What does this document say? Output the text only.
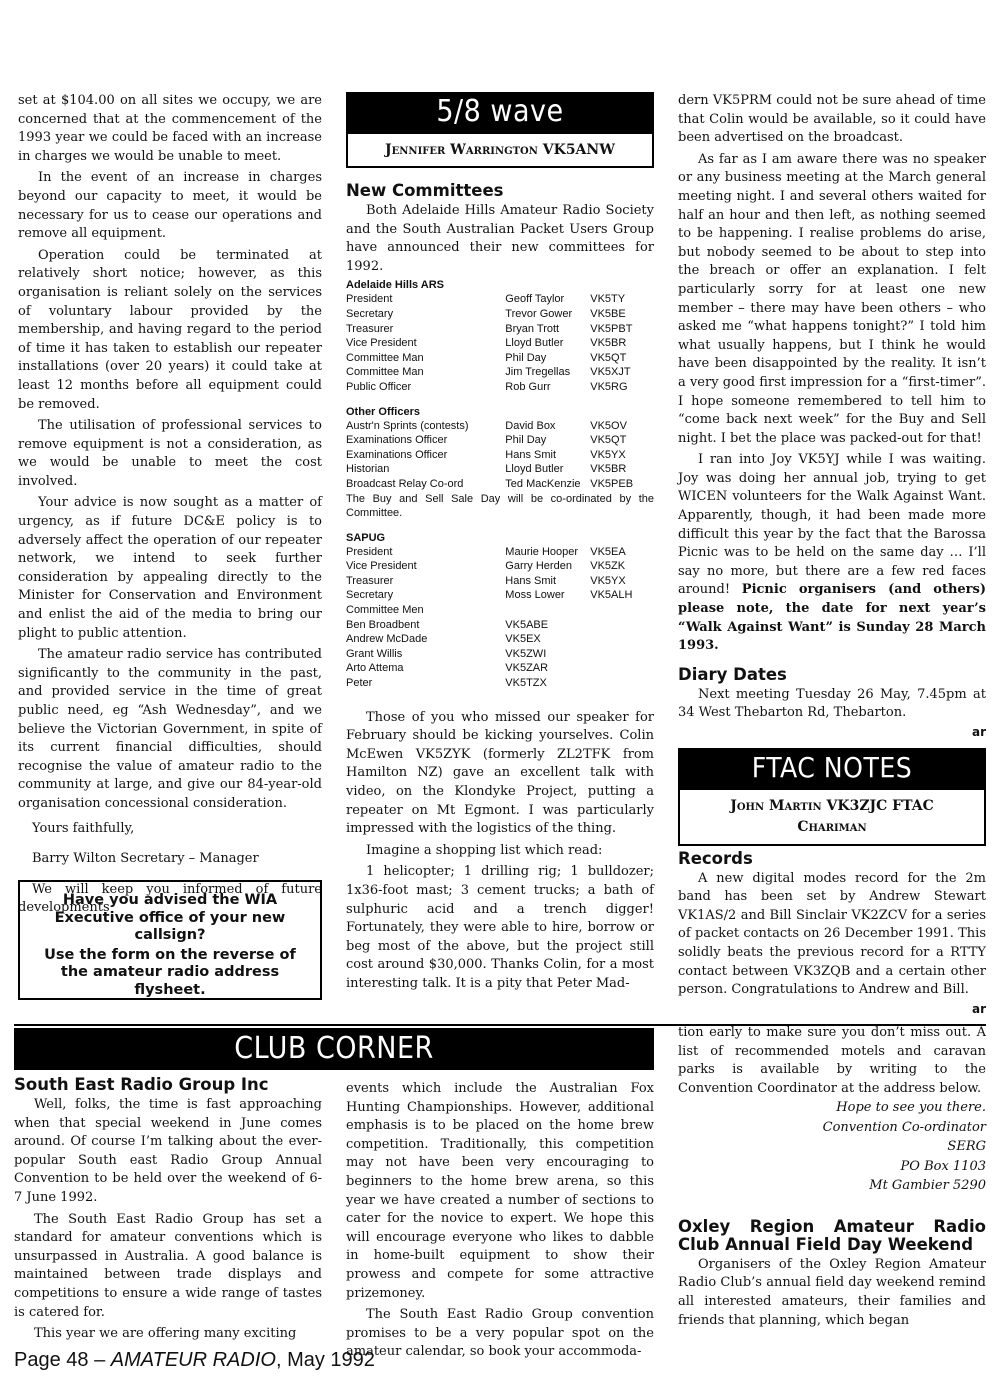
set at $104.00 on all sites we occupy, we are concerned that at the commencement of the 1993 year we could be faced with an increase in charges we would be unable to meet.

In the event of an increase in charges beyond our capacity to meet, it would be necessary for us to cease our operations and remove all equipment.

Operation could be terminated at relatively short notice; however, as this organisation is reliant solely on the services of voluntary labour provided by the membership, and having regard to the period of time it has taken to establish our repeater installations (over 20 years) it could take at least 12 months before all equipment could be removed.

The utilisation of professional services to remove equipment is not a consideration, as we would be unable to meet the cost involved.

Your advice is now sought as a matter of urgency, as if future DC&E policy is to adversely affect the operation of our repeater network, we intend to seek further consideration by appealing directly to the Minister for Conservation and Environment and enlist the aid of the media to bring our plight to public attention.

The amateur radio service has contributed significantly to the community in the past, and provided service in the time of great public need, eg “Ash Wednesday”, and we believe the Victorian Government, in spite of its current financial difficulties, should recognise the value of amateur radio to the community at large, and give our 84-year-old organisation concessional consideration.

Yours faithfully,

Barry Wilton Secretary – Manager

We will keep you informed of future developments

Have you advised the WIA Executive office of your new callsign?
Use the form on the reverse of the amateur radio address flysheet.
5/8 wave
Jennifer Warrington VK5ANW
New Committees

Both Adelaide Hills Amateur Radio Society and the South Australian Packet Users Group have announced their new committees for 1992.

Adelaide Hills ARS
President	Geoff Taylor	VK5TY
Secretary	Trevor Gower	VK5BE
Treasurer	Bryan Trott	VK5PBT
Vice President	Lloyd Butler	VK5BR
Committee Man	Phil Day	VK5QT
Committee Man	Jim Tregellas	VK5XJT
Public Officer	Rob Gurr	VK5RG
Other Officers
Austr'n Sprints (contests)	David Box	VK5OV
Examinations Officer	Phil Day	VK5QT
Examinations Officer	Hans Smit	VK5YX
Historian	Lloyd Butler	VK5BR
Broadcast Relay Co-ord	Ted MacKenzie	VK5PEB
The Buy and Sell Sale Day will be co-ordinated by the Committee.
SAPUG
President	Maurie Hooper	VK5EA
Vice President	Garry Herden	VK5ZK
Treasurer	Hans Smit	VK5YX
Secretary	Moss Lower	VK5ALH
Committee Men		
Ben Broadbent	VK5ABE	
Andrew McDade	VK5EX	
Grant Willis	VK5ZWI	
Arto Attema	VK5ZAR	
Peter	VK5TZX	

Those of you who missed our speaker for February should be kicking yourselves. Colin McEwen VK5ZYK (formerly ZL2TFK from Hamilton NZ) gave an excellent talk with video, on the Klondyke Project, putting a repeater on Mt Egmont. I was particularly impressed with the logistics of the thing.

Imagine a shopping list which read:

1 helicopter; 1 drilling rig; 1 bulldozer; 1x36-foot mast; 3 cement trucks; a bath of sulphuric acid and a trench digger! Fortunately, they were able to hire, borrow or beg most of the above, but the project still cost around $30,000. Thanks Colin, for a most interesting talk. It is a pity that Peter Mad-

dern VK5PRM could not be sure ahead of time that Colin would be available, so it could have been advertised on the broadcast.

As far as I am aware there was no speaker or any business meeting at the March general meeting night. I and several others waited for half an hour and then left, as nothing seemed to be happening. I realise problems do arise, but nobody seemed to be about to step into the breach or offer an explanation. I felt particularly sorry for at least one new member – there may have been others – who asked me “what happens tonight?” I told him what usually happens, but I think he would have been disappointed by the reality. It isn’t a very good first impression for a “first-timer”. I hope someone remembered to tell him to “come back next week” for the Buy and Sell night. I bet the place was packed-out for that!

I ran into Joy VK5YJ while I was waiting. Joy was doing her annual job, trying to get WICEN volunteers for the Walk Against Want. Apparently, though, it had been made more difficult this year by the fact that the Barossa Picnic was to be held on the same day … I’ll say no more, but there are a few red faces around! Picnic organisers (and others) please note, the date for next year’s “Walk Against Want” is Sunday 28 March 1993.

Diary Dates

Next meeting Tuesday 26 May, 7.45pm at 34 West Thebarton Rd, Thebarton.

ar
FTAC NOTES
John Martin VK3ZJC FTAC
Chariman
Records

A new digital modes record for the 2m band has been set by Andrew Stewart VK1AS/2 and Bill Sinclair VK2ZCV for a series of packet contacts on 26 December 1991. This solidly beats the previous record for a RTTY contact between VK3ZQB and a certain other person. Congratulations to Andrew and Bill.

ar
CLUB CORNER
South East Radio Group Inc

Well, folks, the time is fast approaching when that special weekend in June comes around. Of course I’m talking about the ever-popular South east Radio Group Annual Convention to be held over the weekend of 6-7 June 1992.

The South East Radio Group has set a standard for amateur conventions which is unsurpassed in Australia. A good balance is maintained between trade displays and competitions to ensure a wide range of tastes is catered for.

This year we are offering many exciting

events which include the Australian Fox Hunting Championships. However, additional emphasis is to be placed on the home brew competition. Traditionally, this competition may not have been very encouraging to beginners to the home brew arena, so this year we have created a number of sections to cater for the novice to expert. We hope this will encourage everyone who likes to dabble in home-built equipment to show their prowess and compete for some attractive prizemoney.

The South East Radio Group convention promises to be a very popular spot on the amateur calendar, so book your accommoda-

tion early to make sure you don’t miss out. A list of recommended motels and caravan parks is available by writing to the Convention Coordinator at the address below.

Hope to see you there.
Convention Co-ordinator
SERG
PO Box 1103
Mt Gambier 5290
Oxley Region Amateur Radio Club Annual Field Day Weekend

Organisers of the Oxley Region Amateur Radio Club’s annual field day weekend remind all interested amateurs, their families and friends that planning, which began

Page 48 – AMATEUR RADIO, May 1992
